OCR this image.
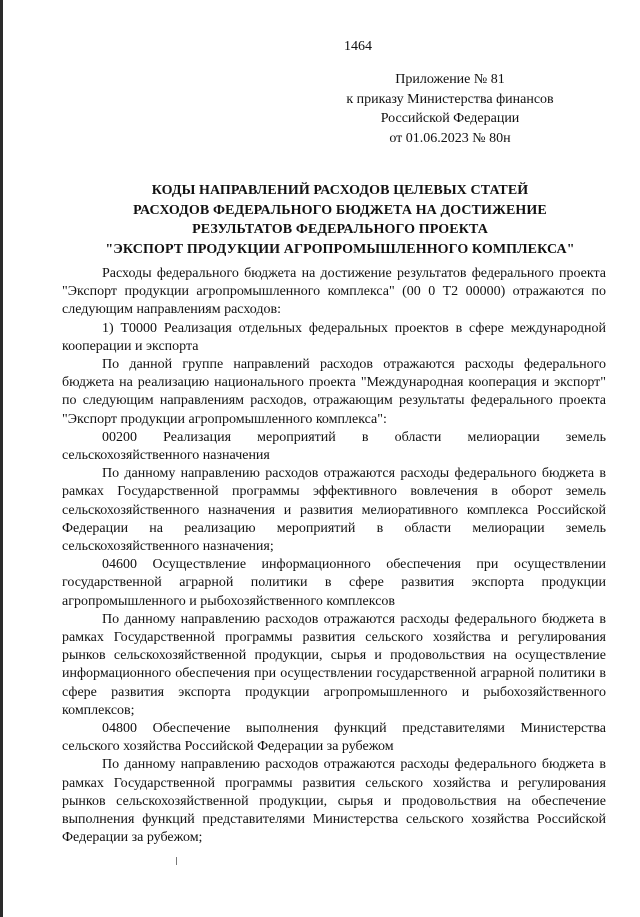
1464
Приложение № 81
к приказу Министерства финансов
Российской Федерации
от 01.06.2023 № 80н
КОДЫ НАПРАВЛЕНИЙ РАСХОДОВ ЦЕЛЕВЫХ СТАТЕЙ
РАСХОДОВ ФЕДЕРАЛЬНОГО БЮДЖЕТА НА ДОСТИЖЕНИЕ
РЕЗУЛЬТАТОВ ФЕДЕРАЛЬНОГО ПРОЕКТА
"ЭКСПОРТ ПРОДУКЦИИ АГРОПРОМЫШЛЕННОГО КОМПЛЕКСА"

Расходы федерального бюджета на достижение результатов федерального проекта "Экспорт продукции агропромышленного комплекса" (00 0 Т2 00000) отражаются по следующим направлениям расходов:

1) Т0000 Реализация отдельных федеральных проектов в сфере международной кооперации и экспорта

По данной группе направлений расходов отражаются расходы федерального бюджета на реализацию национального проекта "Международная кооперация и экспорт" по следующим направлениям расходов, отражающим результаты федерального проекта "Экспорт продукции агропромышленного комплекса":

00200 Реализация мероприятий в области мелиорации земель сельскохозяйственного назначения

По данному направлению расходов отражаются расходы федерального бюджета в рамках Государственной программы эффективного вовлечения в оборот земель сельскохозяйственного назначения и развития мелиоративного комплекса Российской Федерации на реализацию мероприятий в области мелиорации земель сельскохозяйственного назначения;

04600 Осуществление информационного обеспечения при осуществлении государственной аграрной политики в сфере развития экспорта продукции агропромышленного и рыбохозяйственного комплексов

По данному направлению расходов отражаются расходы федерального бюджета в рамках Государственной программы развития сельского хозяйства и регулирования рынков сельскохозяйственной продукции, сырья и продовольствия на осуществление информационного обеспечения при осуществлении государственной аграрной политики в сфере развития экспорта продукции агропромышленного и рыбохозяйственного комплексов;

04800 Обеспечение выполнения функций представителями Министерства сельского хозяйства Российской Федерации за рубежом

По данному направлению расходов отражаются расходы федерального бюджета в рамках Государственной программы развития сельского хозяйства и регулирования рынков сельскохозяйственной продукции, сырья и продовольствия на обеспечение выполнения функций представителями Министерства сельского хозяйства Российской Федерации за рубежом;
